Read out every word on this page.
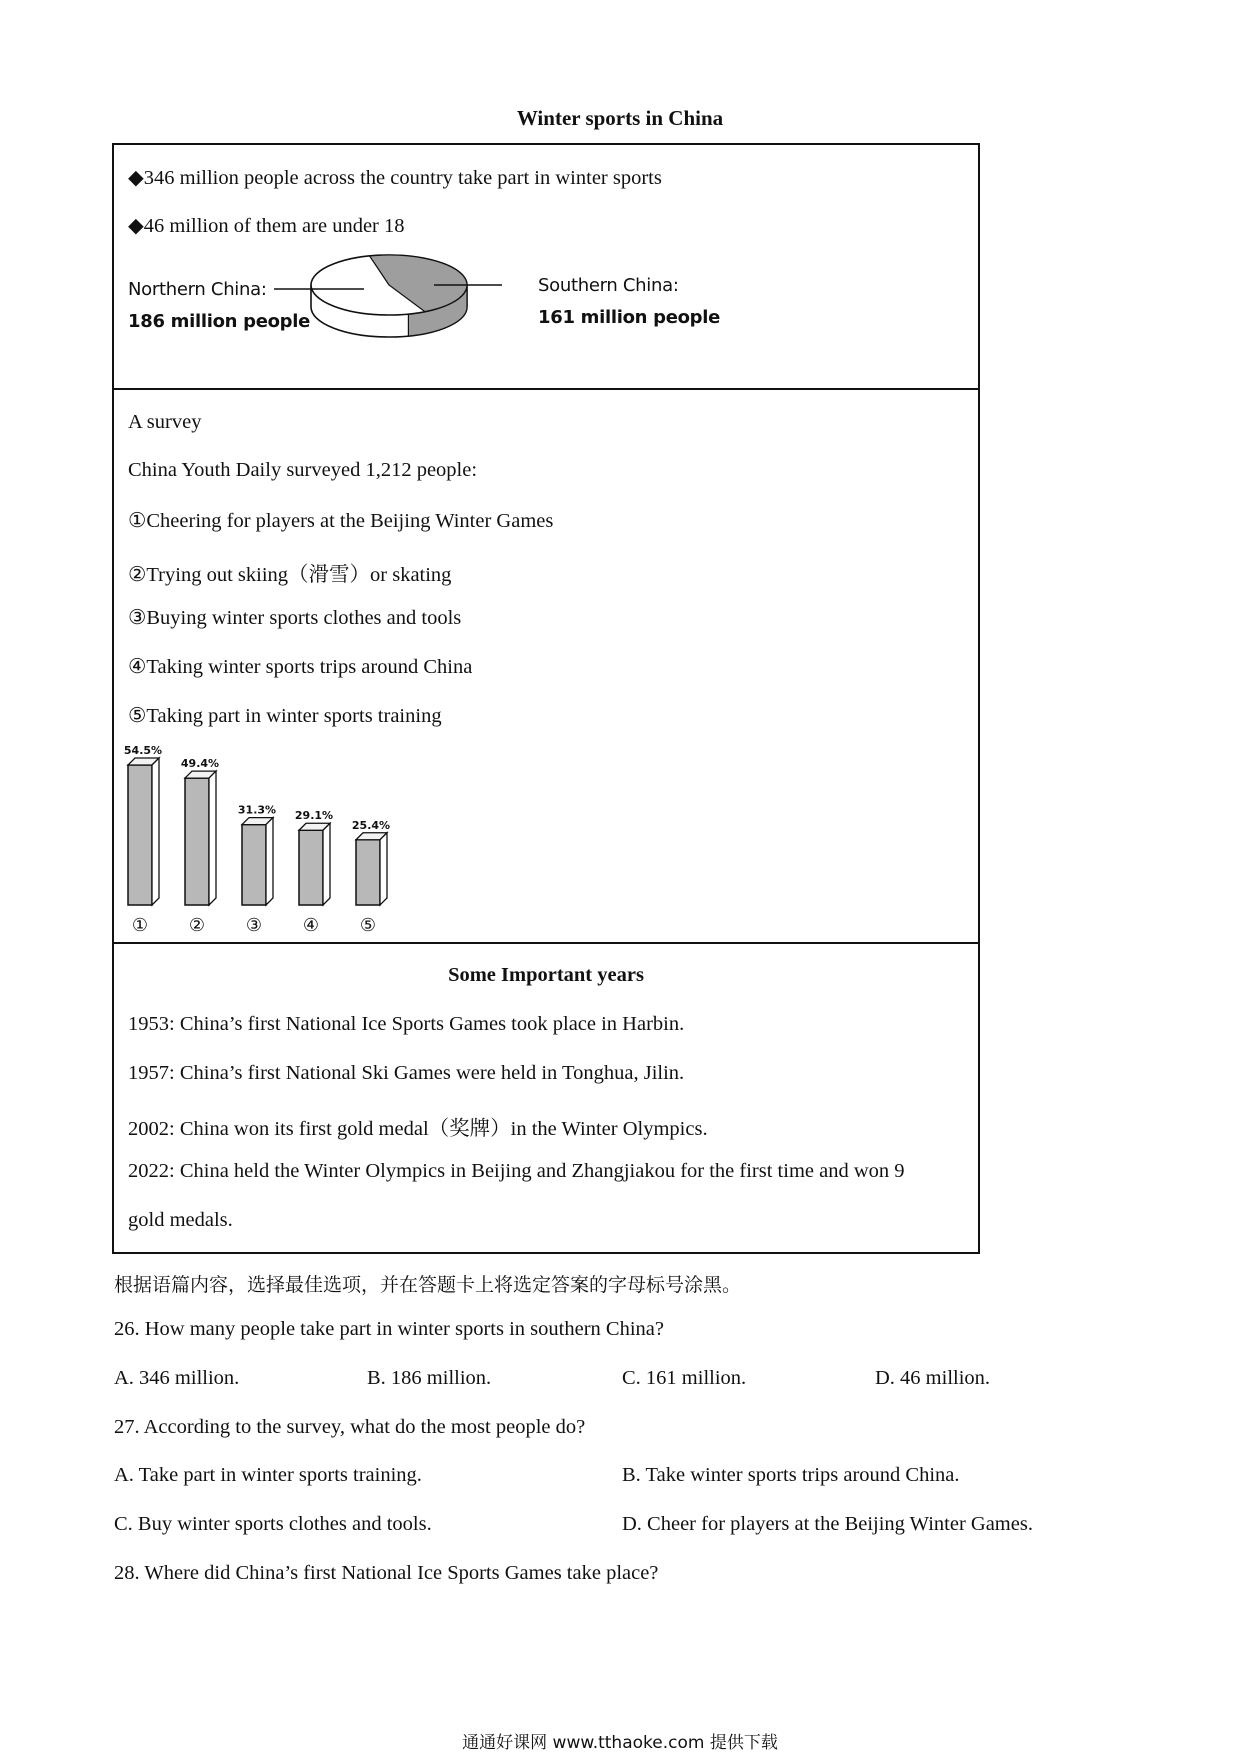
Winter sports in China
◆346 million people across the country take part in winter sports
◆46 million of them are under 18
Northern China:
186 million people
Southern China:
161 million people
A survey
China Youth Daily surveyed 1,212 people:
①Cheering for players at the Beijing Winter Games
②Trying out skiing（滑雪）or skating
③Buying winter sports clothes and tools
④Taking winter sports trips around China
⑤Taking part in winter sports training
54.5%
①
49.4%
②
31.3%
③
29.1%
④
25.4%
⑤
Some Important years
1953: China’s first National Ice Sports Games took place in Harbin.
1957: China’s first National Ski Games were held in Tonghua, Jilin.
2002: China won its first gold medal（奖牌）in the Winter Olympics.
2022: China held the Winter Olympics in Beijing and Zhangjiakou for the first time and won 9
gold medals.
根据语篇内容，选择最佳选项，并在答题卡上将选定答案的字母标号涂黑。
26. How many people take part in winter sports in southern China?
A. 346 million.	B. 186 million.	C. 161 million.	D. 46 million.
27. According to the survey, what do the most people do?
A. Take part in winter sports training.	B. Take winter sports trips around China.
C. Buy winter sports clothes and tools.	D. Cheer for players at the Beijing Winter Games.
28. Where did China’s first National Ice Sports Games take place?
通通好课网 www.tthaoke.com 提供下载
